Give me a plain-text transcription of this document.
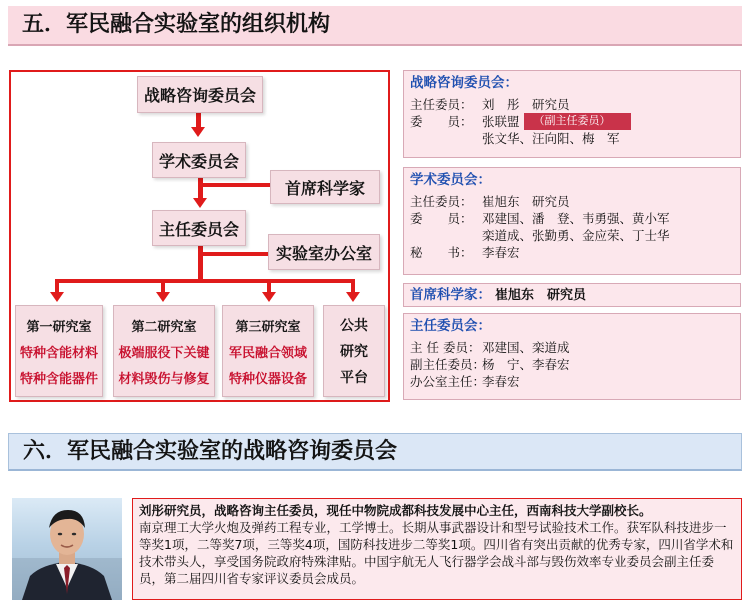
五．军民融合实验室的组织机构
战略咨询委员会
学术委员会
首席科学家
主任委员会
实验室办公室
第一研究室
特种含能材料
特种含能器件
第二研究室
极端服役下关键
材料毁伤与修复
第三研究室
军民融合领域
特种仪器设备
公共
研究
平台
战略咨询委员会：
主任委员： 刘　彤　研究员
委　　员： 张联盟	（副主任委员）
张文华、汪向阳、梅　军
学术委员会：
主任委员： 崔旭东　研究员
委　　员： 邓建国、潘　登、韦勇强、黄小军
栾道成、张勤勇、金应荣、丁士华
秘　　书： 李春宏
首席科学家： 崔旭东　研究员
主任委员会：
主 任 委员： 邓建国、栾道成
副主任委员：
杨　宁、李春宏
办公室主任：
李春宏
六．军民融合实验室的战略咨询委员会
刘彤研究员，战略咨询主任委员，现任中物院成都科技发展中心主任，西南科技大学副校长。
南京理工大学火炮及弹药工程专业，工学博士。长期从事武器设计和型号试验技术工作。获军队科技进步一等奖1项，二等奖7项，三等奖4项，国防科技进步二等奖1项。四川省有突出贡献的优秀专家，四川省学术和技术带头人，享受国务院政府特殊津贴。中国宇航无人飞行器学会战斗部与毁伤效率专业委员会副主任委员，第二届四川省专家评议委员会成员。
